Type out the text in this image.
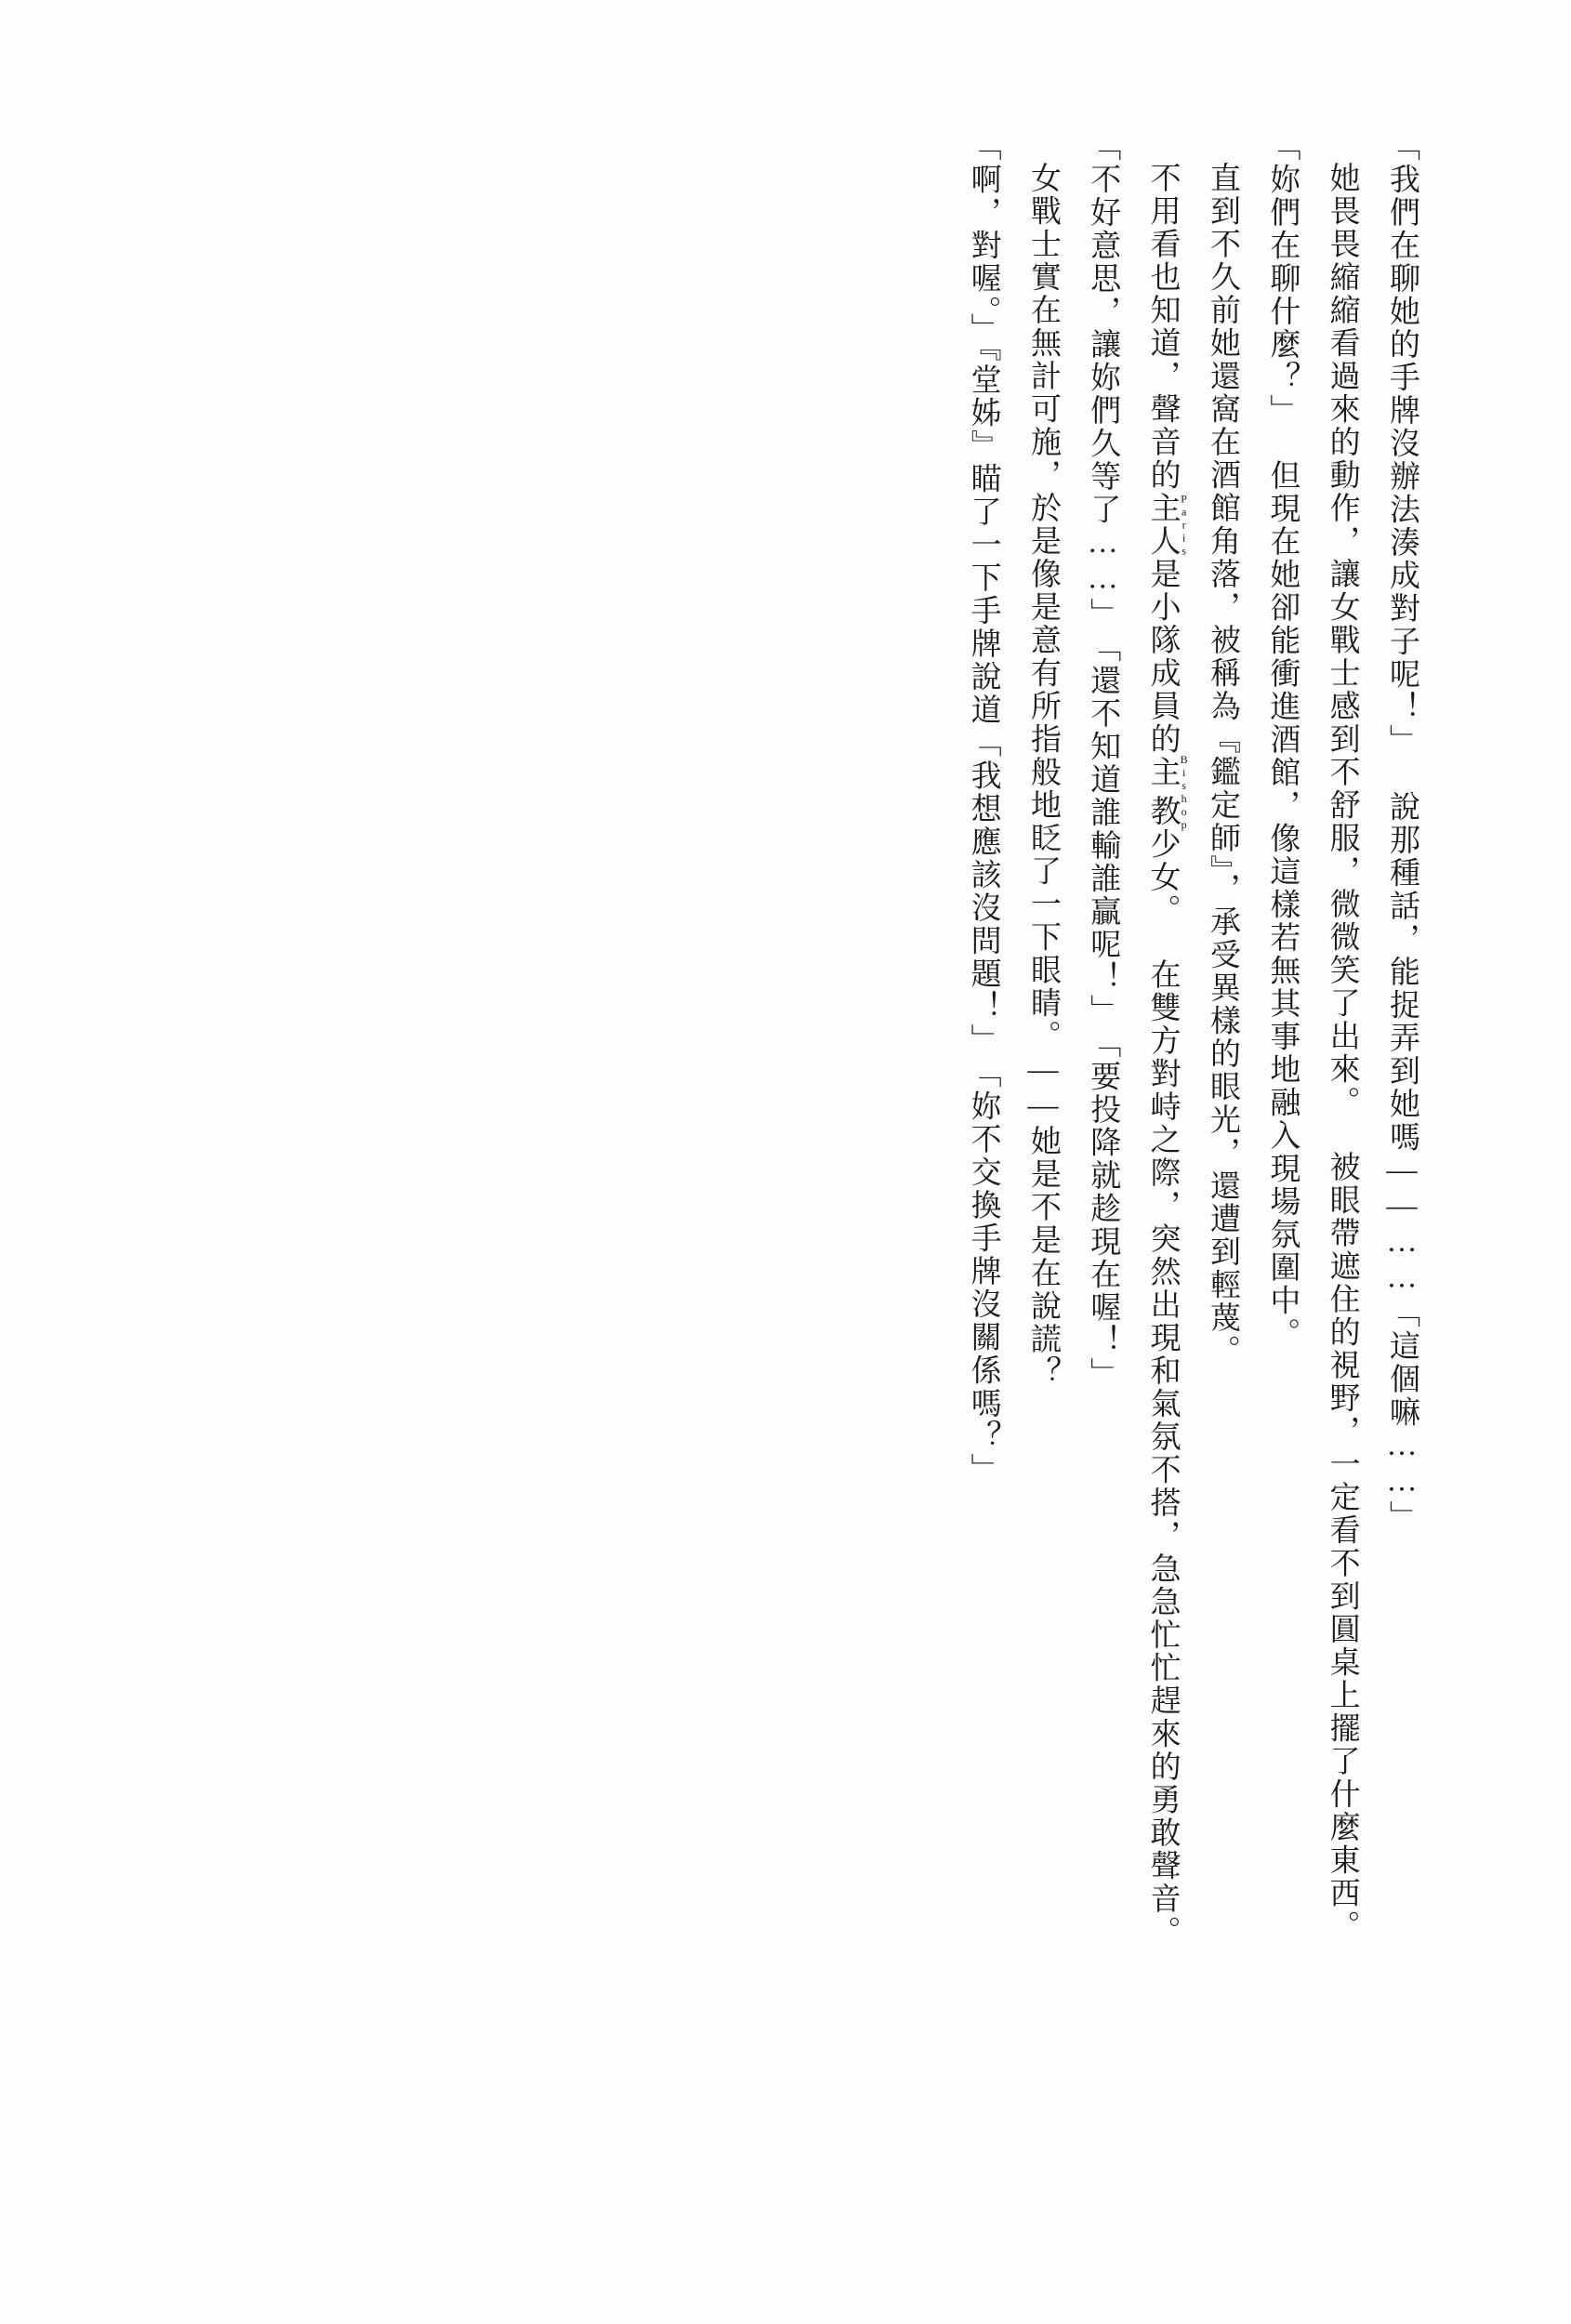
「我們在聊她的手牌沒辦法湊成對子呢！」

　說那種話，能捉弄到她嗎——……

「這個嘛……」

她畏畏縮縮看過來的動作，讓女戰士感到不舒服，微微笑了出來。

被眼帶遮住的視野，一定看不到圓桌上擺了什麼東西。

「妳們在聊什麼？」

但現在她卻能衝進酒館，像這樣若無其事地融入現場氛圍中。

直到不久前她還窩在酒館角落，被稱為『鑑定師』，承受異樣的眼光，還遭到輕蔑。

不用看也知道，聲音的主人Paris是小隊成員的主教Bishop少女。

在雙方對峙之際，突然出現和氣氛不搭，急急忙忙趕來的勇敢聲音。

「不好意思，讓妳們久等了……」

「還不知道誰輸誰贏呢！」

「要投降就趁現在喔！」

女戰士實在無計可施，於是像是意有所指般地眨了一下眼睛。

——她是不是在說謊？

「啊，對喔。」『堂姊』瞄了一下手牌說道「我想應該沒問題！」

「妳不交換手牌沒關係嗎？」
